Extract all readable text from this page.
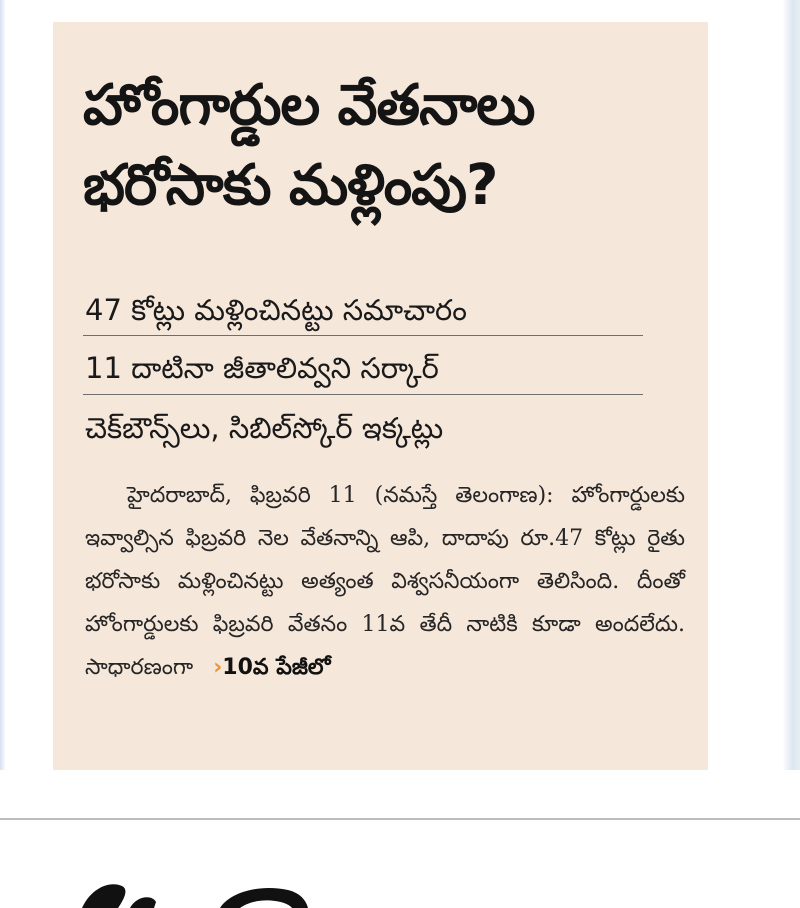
హోంగార్డుల వేతనాలు
భరోసాకు మళ్లింపు?
47 కోట్లు మళ్లించినట్టు సమాచారం
11 దాటినా జీతాలివ్వని సర్కార్
చెక్‌బౌన్స్‌లు, సిబిల్‌స్కోర్ ఇక్కట్లు

హైదరాబాద్, ఫిబ్రవరి 11 (నమస్తే తెలంగాణ): హోంగార్డులకు ఇవ్వాల్సిన ఫిబ్రవరి నెల వేతనాన్ని ఆపి, దాదాపు రూ.47 కోట్లు రైతు భరోసాకు మళ్లించినట్టు అత్యంత విశ్వసనీయంగా తెలిసింది. దీంతో హోంగార్డులకు ఫిబ్రవరి వేతనం 11వ తేదీ నాటికి కూడా అందలేదు. సాధారణంగా ›10వ పేజీలో
